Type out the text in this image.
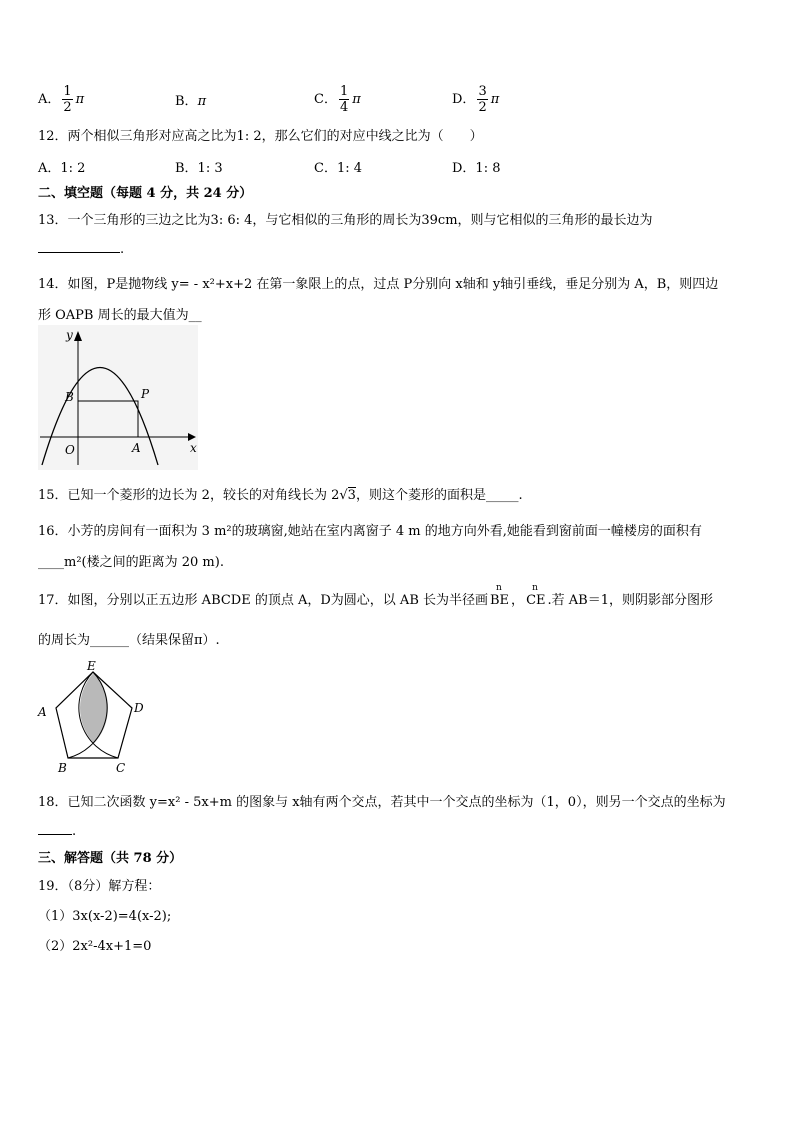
A． $\frac{1}{2}$ π	B．π	C． $\frac{1}{4}$ π	D． $\frac{3}{2}$ π
12．两个相似三角形对应高之比为1: 2，那么它们的对应中线之比为（　　）
A．1: 2	B．1: 3	C．1: 4	D．1: 8
二、填空题（每题 4 分，共 24 分）
13．一个三角形的三边之比为3: 6: 4，与它相似的三角形的周长为39cm，则与它相似的三角形的最长边为
.
14．如图，P是抛物线 y= - x²+x+2 在第一象限上的点，过点 P分别向 x轴和 y轴引垂线，垂足分别为 A，B，则四边
形 OAPB 周长的最大值为__
y
x
O	A
B	P
15．已知一个菱形的边长为 2，较长的对角线长为 2√3，则这个菱形的面积是_____.
16．小芳的房间有一面积为 3 m²的玻璃窗,她站在室内离窗子 4 m 的地方向外看,她能看到窗前面一幢楼房的面积有
____m²(楼之间的距离为 20 m).
17．如图，分别以正五边形 ABCDE 的顶点 A，D为圆心，以 AB 长为半径画
n
BE ，
n
CE .若 AB＝1，则阴影部分图形
的周长为______（结果保留π）.
E
A	D
B	C
18．已知二次函数 y=x² - 5x+m 的图象与 x轴有两个交点，若其中一个交点的坐标为（1，0），则另一个交点的坐标为
.
三、解答题（共 78 分）
19．（8分）解方程：
（1）3x(x-2)=4(x-2);
（2）2x²-4x+1=0
